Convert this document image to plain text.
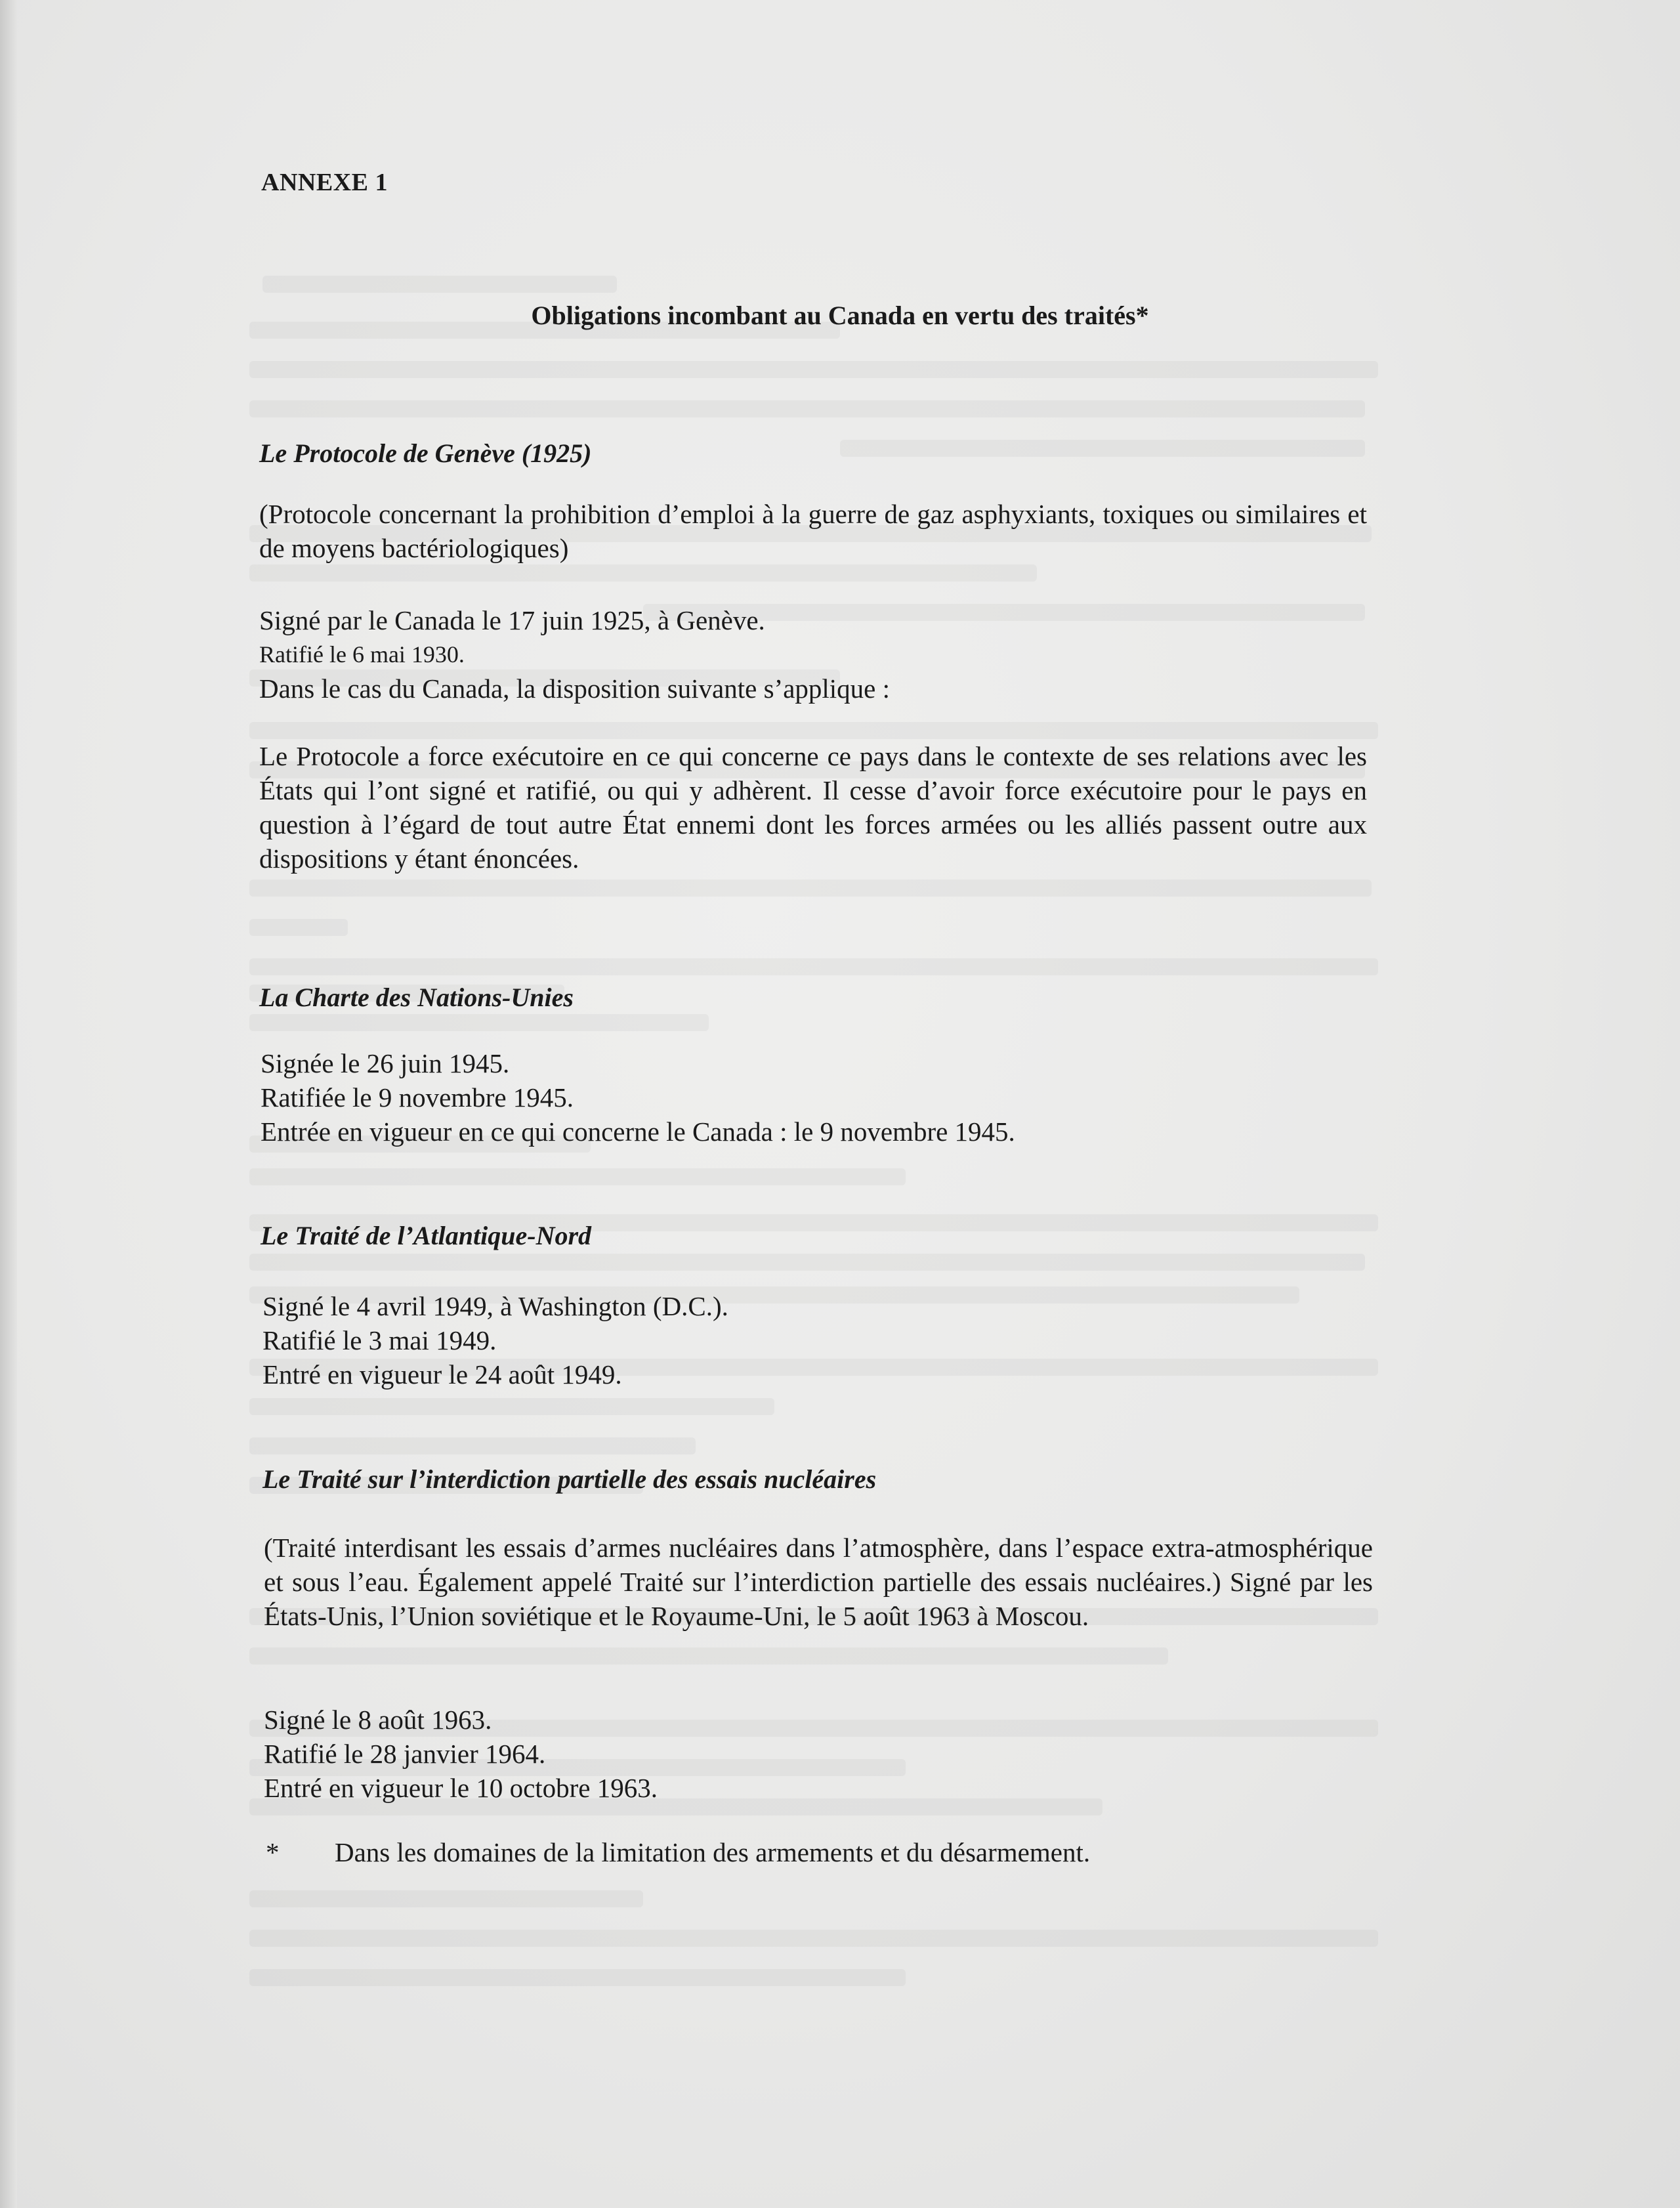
ANNEXE 1
Obligations incombant au Canada en vertu des traités*
Le Protocole de Genève (1925)
(Protocole concernant la prohibition d’emploi à la guerre de gaz asphyxiants, toxiques ou similaires et de moyens bactériologiques)
Signé par le Canada le 17 juin 1925, à Genève.
Ratifié le 6 mai 1930.
Dans le cas du Canada, la disposition suivante s’applique :
Le Protocole a force exécutoire en ce qui concerne ce pays dans le contexte de ses relations avec les États qui l’ont signé et ratifié, ou qui y adhèrent. Il cesse d’avoir force exécutoire pour le pays en question à l’égard de tout autre État ennemi dont les forces armées ou les alliés passent outre aux dispositions y étant énoncées.
La Charte des Nations-Unies
Signée le 26 juin 1945.
Ratifiée le 9 novembre 1945.
Entrée en vigueur en ce qui concerne le Canada : le 9 novembre 1945.
Le Traité de l’Atlantique-Nord
Signé le 4 avril 1949, à Washington (D.C.).
Ratifié le 3 mai 1949.
Entré en vigueur le 24 août 1949.
Le Traité sur l’interdiction partielle des essais nucléaires
(Traité interdisant les essais d’armes nucléaires dans l’atmosphère, dans l’espace extra-atmosphérique et sous l’eau. Également appelé Traité sur l’interdiction partielle des essais nucléaires.) Signé par les États-Unis, l’Union soviétique et le Royaume-Uni, le 5 août 1963 à Moscou.
Signé le 8 août 1963.
Ratifié le 28 janvier 1964.
Entré en vigueur le 10 octobre 1963.
* Dans les domaines de la limitation des armements et du désarmement.
